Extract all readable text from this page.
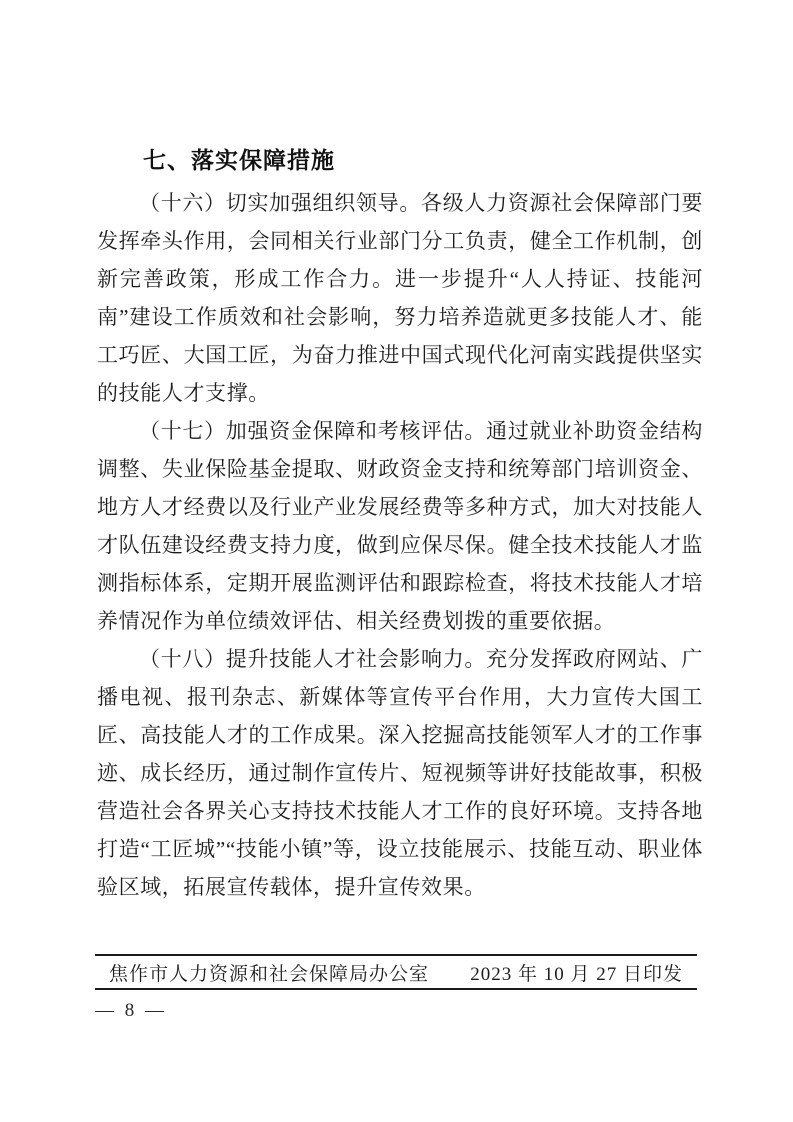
七、落实保障措施

（十六）切实加强组织领导。各级人力资源社会保障部门要发挥牵头作用，会同相关行业部门分工负责，健全工作机制，创新完善政策，形成工作合力。进一步提升“人人持证、技能河南”建设工作质效和社会影响，努力培养造就更多技能人才、能工巧匠、大国工匠，为奋力推进中国式现代化河南实践提供坚实的技能人才支撑。

（十七）加强资金保障和考核评估。通过就业补助资金结构调整、失业保险基金提取、财政资金支持和统筹部门培训资金、地方人才经费以及行业产业发展经费等多种方式，加大对技能人才队伍建设经费支持力度，做到应保尽保。健全技术技能人才监测指标体系，定期开展监测评估和跟踪检查，将技术技能人才培养情况作为单位绩效评估、相关经费划拨的重要依据。

（十八）提升技能人才社会影响力。充分发挥政府网站、广播电视、报刊杂志、新媒体等宣传平台作用，大力宣传大国工匠、高技能人才的工作成果。深入挖掘高技能领军人才的工作事迹、成长经历，通过制作宣传片、短视频等讲好技能故事，积极营造社会各界关心支持技术技能人才工作的良好环境。支持各地打造“工匠城”“技能小镇”等，设立技能展示、技能互动、职业体验区域，拓展宣传载体，提升宣传效果。

焦作市人力资源和社会保障局办公室 2023 年 10 月 27 日印发
— 8 —
